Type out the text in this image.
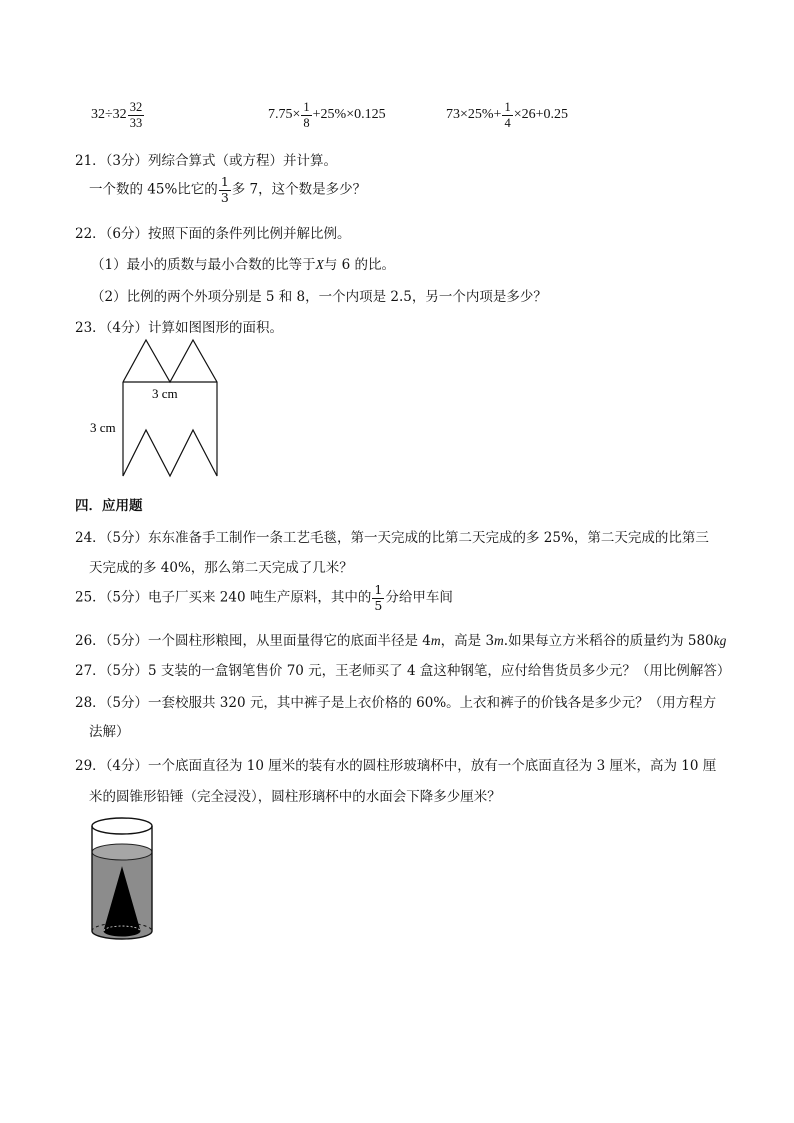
$32\div 32 \frac{32}{33}$	$7.75\times \frac{1}{8} +25\%\times 0.125$	$73\times 25\%+ \frac{1}{4} \times 26+0.25$
21．（3分）列综合算式（或方程）并计算。
一个数的 45%比它的 $\frac{1}{3}$ 多 7，这个数是多少？
22．（6分）按照下面的条件列比例并解比例。
（1）最小的质数与最小合数的比等于X与 6 的比。
（2）比例的两个外项分别是 5 和 8，一个内项是 2.5，另一个内项是多少？
23．（4分）计算如图图形的面积。
3 cm
3 cm
四．应用题
24．（5分）东东准备手工制作一条工艺毛毯，第一天完成的比第二天完成的多 25%，第二天完成的比第三
天完成的多 40%，那么第二天完成了几米？
25．（5分）电子厂买来 240 吨生产原料，其中的 $\frac{1}{5}$ 分给甲车间
26．（5分）一个圆柱形粮囤，从里面量得它的底面半径是 4m，高是 3m.如果每立方米稻谷的质量约为 580kg
27．（5分）5 支装的一盒钢笔售价 70 元，王老师买了 4 盒这种钢笔，应付给售货员多少元？（用比例解答）
28．（5分）一套校服共 320 元，其中裤子是上衣价格的 60%。上衣和裤子的价钱各是多少元？（用方程方
法解）
29．（4分）一个底面直径为 10 厘米的装有水的圆柱形玻璃杯中，放有一个底面直径为 3 厘米，高为 10 厘
米的圆锥形铅锤（完全浸没），圆柱形璃杯中的水面会下降多少厘米？
